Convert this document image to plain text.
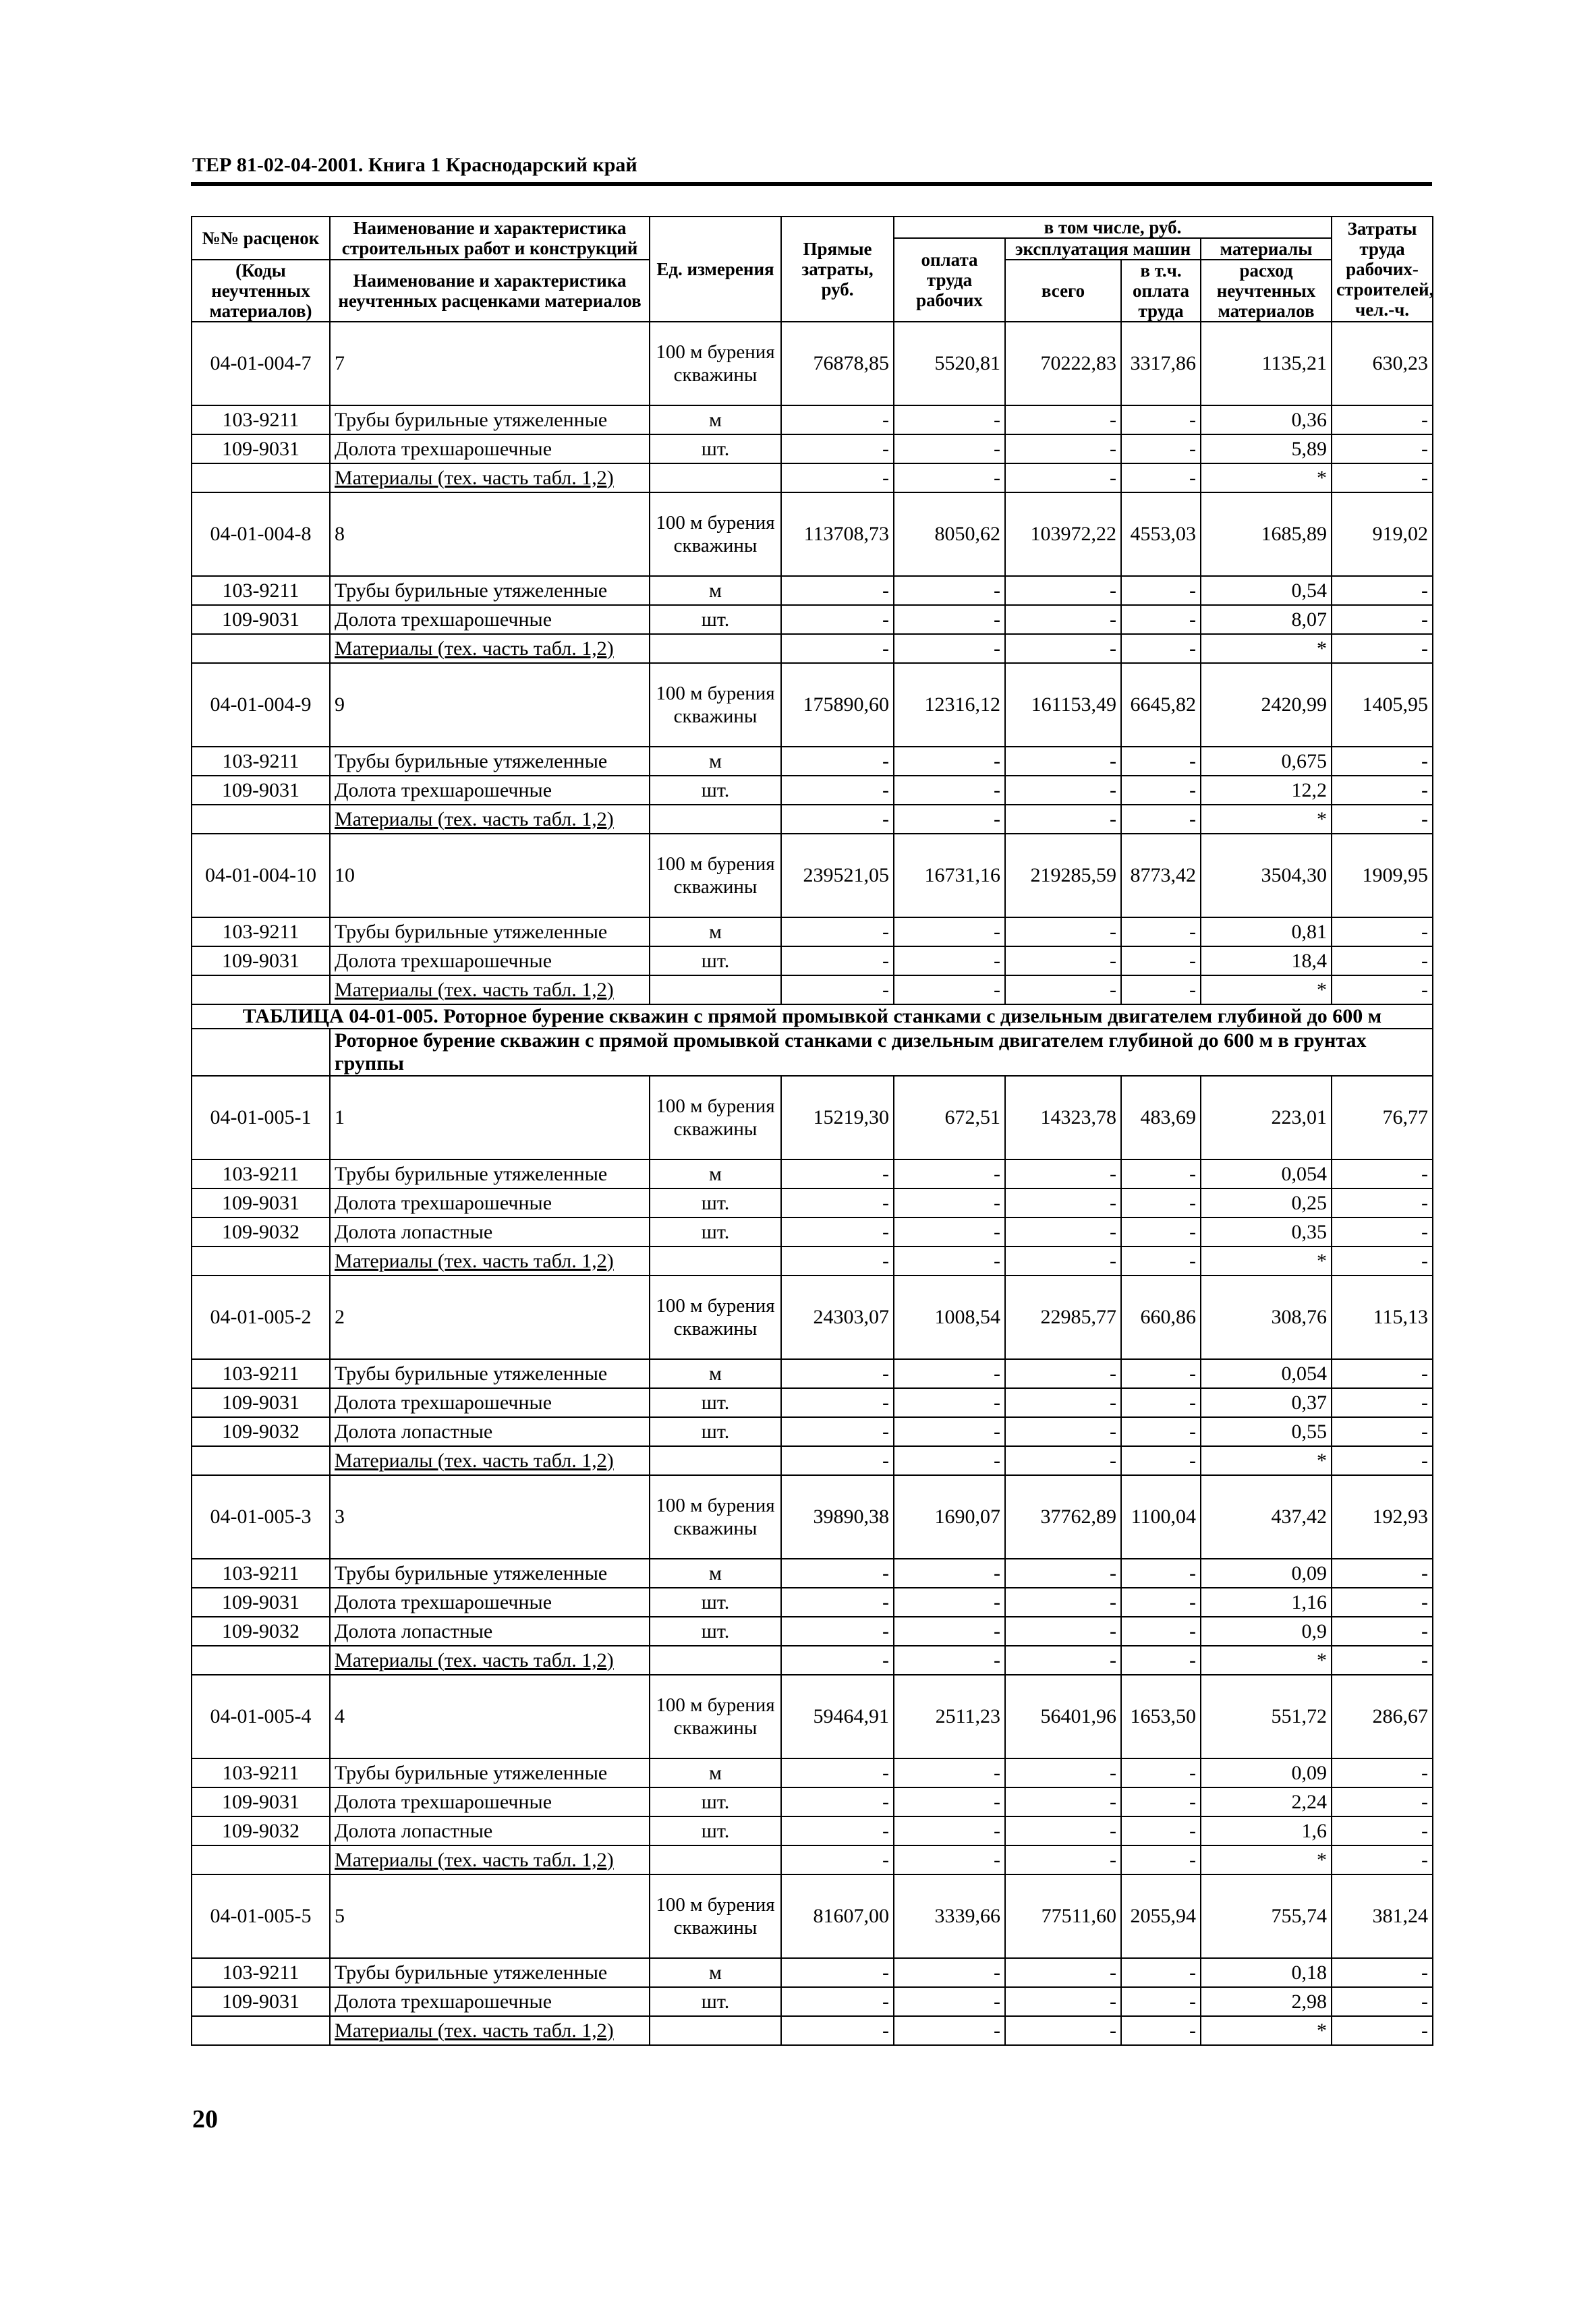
ТЕР 81-02-04-2001. Книга 1 Краснодарский край
№№ расценок	Наименование и характеристика строительных работ и конструкций	Ед. измерения	Прямые затраты, руб.	в том числе, руб.				Затраты труда рабочих-строителей, чел.-ч.
				оплата труда рабочих	эксплуатация машин		материалы	
(Коды неучтенных материалов)	Наименование и характеристика неучтенных расценками материалов				всего	в т.ч. оплата труда	расход неучтенных материалов	

04-01-004-7	7	100 м бурения скважины	76878,85	5520,81	70222,83	3317,86	1135,21	630,23
103-9211	Трубы бурильные утяжеленные	м	-	-	-	-	0,36	-
109-9031	Долота трехшарошечные	шт.	-	-	-	-	5,89	-
	Материалы (тех. часть табл. 1,2)		-	-	-	-	*	-
04-01-004-8	8	100 м бурения скважины	113708,73	8050,62	103972,22	4553,03	1685,89	919,02
103-9211	Трубы бурильные утяжеленные	м	-	-	-	-	0,54	-
109-9031	Долота трехшарошечные	шт.	-	-	-	-	8,07	-
	Материалы (тех. часть табл. 1,2)		-	-	-	-	*	-
04-01-004-9	9	100 м бурения скважины	175890,60	12316,12	161153,49	6645,82	2420,99	1405,95
103-9211	Трубы бурильные утяжеленные	м	-	-	-	-	0,675	-
109-9031	Долота трехшарошечные	шт.	-	-	-	-	12,2	-
	Материалы (тех. часть табл. 1,2)		-	-	-	-	*	-
04-01-004-10	10	100 м бурения скважины	239521,05	16731,16	219285,59	8773,42	3504,30	1909,95
103-9211	Трубы бурильные утяжеленные	м	-	-	-	-	0,81	-
109-9031	Долота трехшарошечные	шт.	-	-	-	-	18,4	-
	Материалы (тех. часть табл. 1,2)		-	-	-	-	*	-
ТАБЛИЦА 04-01-005. Роторное бурение скважин с прямой промывкой станками с дизельным двигателем глубиной до 600 м								
	Роторное бурение скважин с прямой промывкой станками с дизельным двигателем глубиной до 600 м в грунтах группы							
04-01-005-1	1	100 м бурения скважины	15219,30	672,51	14323,78	483,69	223,01	76,77
103-9211	Трубы бурильные утяжеленные	м	-	-	-	-	0,054	-
109-9031	Долота трехшарошечные	шт.	-	-	-	-	0,25	-
109-9032	Долота лопастные	шт.	-	-	-	-	0,35	-
	Материалы (тех. часть табл. 1,2)		-	-	-	-	*	-
04-01-005-2	2	100 м бурения скважины	24303,07	1008,54	22985,77	660,86	308,76	115,13
103-9211	Трубы бурильные утяжеленные	м	-	-	-	-	0,054	-
109-9031	Долота трехшарошечные	шт.	-	-	-	-	0,37	-
109-9032	Долота лопастные	шт.	-	-	-	-	0,55	-
	Материалы (тех. часть табл. 1,2)		-	-	-	-	*	-
04-01-005-3	3	100 м бурения скважины	39890,38	1690,07	37762,89	1100,04	437,42	192,93
103-9211	Трубы бурильные утяжеленные	м	-	-	-	-	0,09	-
109-9031	Долота трехшарошечные	шт.	-	-	-	-	1,16	-
109-9032	Долота лопастные	шт.	-	-	-	-	0,9	-
	Материалы (тех. часть табл. 1,2)		-	-	-	-	*	-
04-01-005-4	4	100 м бурения скважины	59464,91	2511,23	56401,96	1653,50	551,72	286,67
103-9211	Трубы бурильные утяжеленные	м	-	-	-	-	0,09	-
109-9031	Долота трехшарошечные	шт.	-	-	-	-	2,24	-
109-9032	Долота лопастные	шт.	-	-	-	-	1,6	-
	Материалы (тех. часть табл. 1,2)		-	-	-	-	*	-
04-01-005-5	5	100 м бурения скважины	81607,00	3339,66	77511,60	2055,94	755,74	381,24
103-9211	Трубы бурильные утяжеленные	м	-	-	-	-	0,18	-
109-9031	Долота трехшарошечные	шт.	-	-	-	-	2,98	-
	Материалы (тех. часть табл. 1,2)		-	-	-	-	*	-
20
